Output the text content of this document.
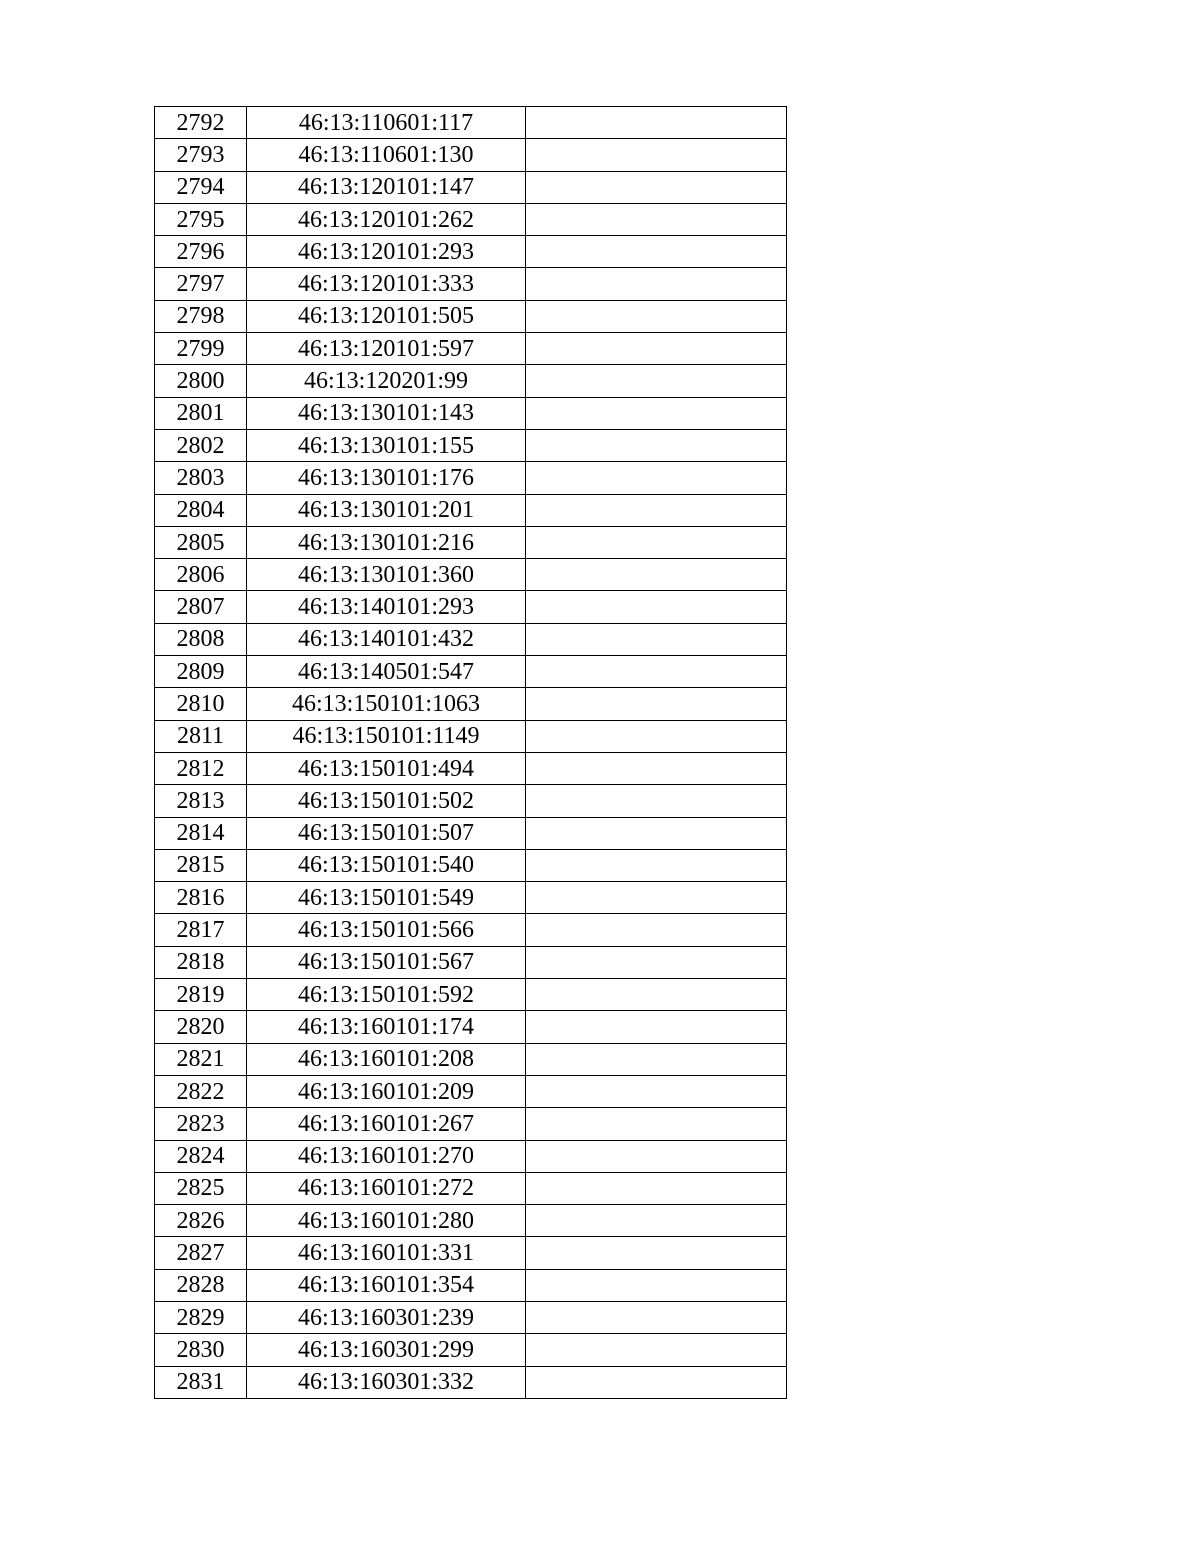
2792	46:13:110601:117	
2793	46:13:110601:130	
2794	46:13:120101:147	
2795	46:13:120101:262	
2796	46:13:120101:293	
2797	46:13:120101:333	
2798	46:13:120101:505	
2799	46:13:120101:597	
2800	46:13:120201:99	
2801	46:13:130101:143	
2802	46:13:130101:155	
2803	46:13:130101:176	
2804	46:13:130101:201	
2805	46:13:130101:216	
2806	46:13:130101:360	
2807	46:13:140101:293	
2808	46:13:140101:432	
2809	46:13:140501:547	
2810	46:13:150101:1063	
2811	46:13:150101:1149	
2812	46:13:150101:494	
2813	46:13:150101:502	
2814	46:13:150101:507	
2815	46:13:150101:540	
2816	46:13:150101:549	
2817	46:13:150101:566	
2818	46:13:150101:567	
2819	46:13:150101:592	
2820	46:13:160101:174	
2821	46:13:160101:208	
2822	46:13:160101:209	
2823	46:13:160101:267	
2824	46:13:160101:270	
2825	46:13:160101:272	
2826	46:13:160101:280	
2827	46:13:160101:331	
2828	46:13:160101:354	
2829	46:13:160301:239	
2830	46:13:160301:299	
2831	46:13:160301:332	
